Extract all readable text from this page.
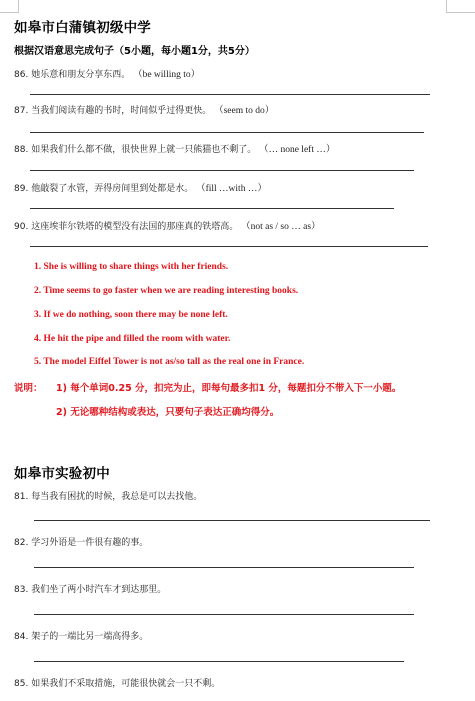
如皋市白蒲镇初级中学
根据汉语意思完成句子（5小题，每小题1分，共5分）
86. 她乐意和朋友分享东西。 （be willing to）
87. 当我们阅读有趣的书时，时间似乎过得更快。 （seem to do）
88. 如果我们什么都不做，很快世界上就一只熊猫也不剩了。 （… none left …）
89. 他敲裂了水管，弄得房间里到处都是水。 （fill …with …）
90. 这座埃菲尔铁塔的模型没有法国的那座真的铁塔高。 （not as / so … as）
1. She is willing to share things with her friends.
2. Time seems to go faster when we are reading interesting books.
3. If we do nothing, soon there may be none left.
4. He hit the pipe and filled the room with water.
5. The model Eiffel Tower is not as/so tall as the real one in France.
说明： 1) 每个单词0.25 分，扣完为止，即每句最多扣1 分，每题扣分不带入下一小题。
2) 无论哪种结构或表达，只要句子表达正确均得分。
如皋市实验初中
81. 每当我有困扰的时候，我总是可以去找他。
82. 学习外语是一件很有趣的事。
83. 我们坐了两小时汽车才到达那里。
84. 架子的一端比另一端高得多。
85. 如果我们不采取措施，可能很快就会一只不剩。
